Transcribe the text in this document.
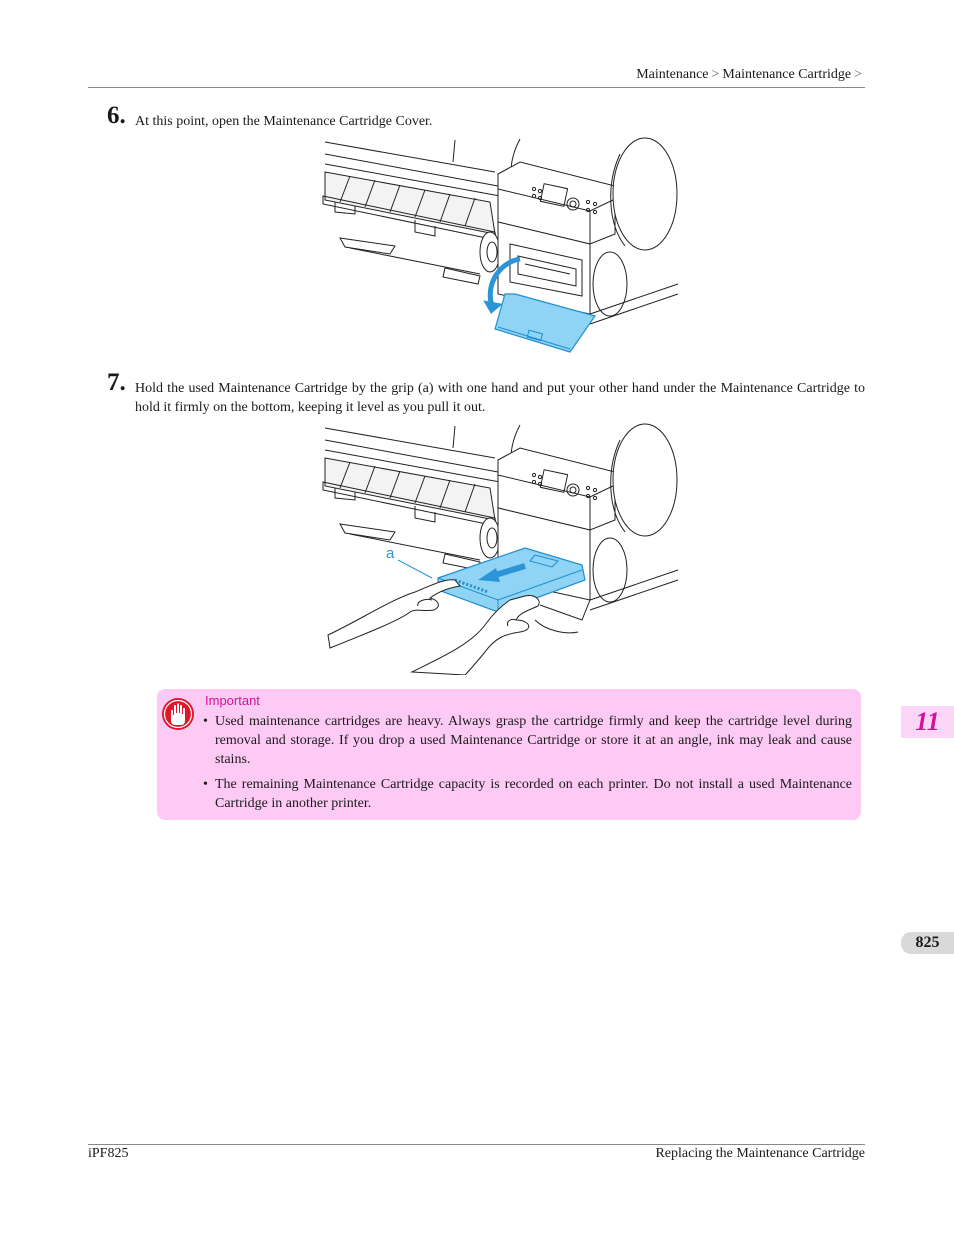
Maintenance > Maintenance Cartridge >
6. At this point, open the Maintenance Cartridge Cover.
7. Hold the used Maintenance Cartridge by the grip (a) with one hand and put your other hand under the Maintenance Cartridge to hold it firmly on the bottom, keeping it level as you pull it out.
a
Important
• Used maintenance cartridges are heavy. Always grasp the cartridge firmly and keep the cartridge level during removal and storage. If you drop a used Maintenance Cartridge or store it at an angle, ink may leak and cause stains.
• The remaining Maintenance Cartridge capacity is recorded on each printer. Do not install a used Maintenance Cartridge in another printer.
11
825
iPF825	Replacing the Maintenance Cartridge
